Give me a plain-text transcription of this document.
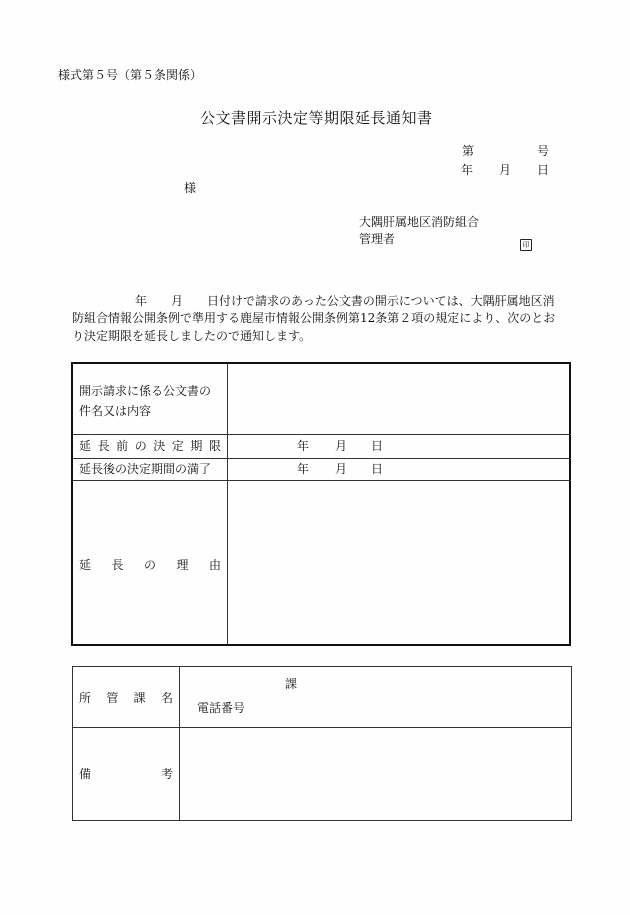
様式第５号（第５条関係）
公文書開示決定等期限延長通知書
第	号
年 月 日
様
大隅肝属地区消防組合
管理者	印
年　　月　　日付けで請求のあった公文書の開示については、大隅肝属地区消
防組合情報公開条例で準用する鹿屋市情報公開条例第12条第２項の規定により、次のとお
り決定期限を延長しましたので通知します。
開示請求に係る公文書の
件名又は内容
延 長 前 の 決 定 期 限	年 月 日
延長後の決定期間の満了	年 月 日
延 長 の 理 由
所 管 課 名
課
電話番号
備	考
